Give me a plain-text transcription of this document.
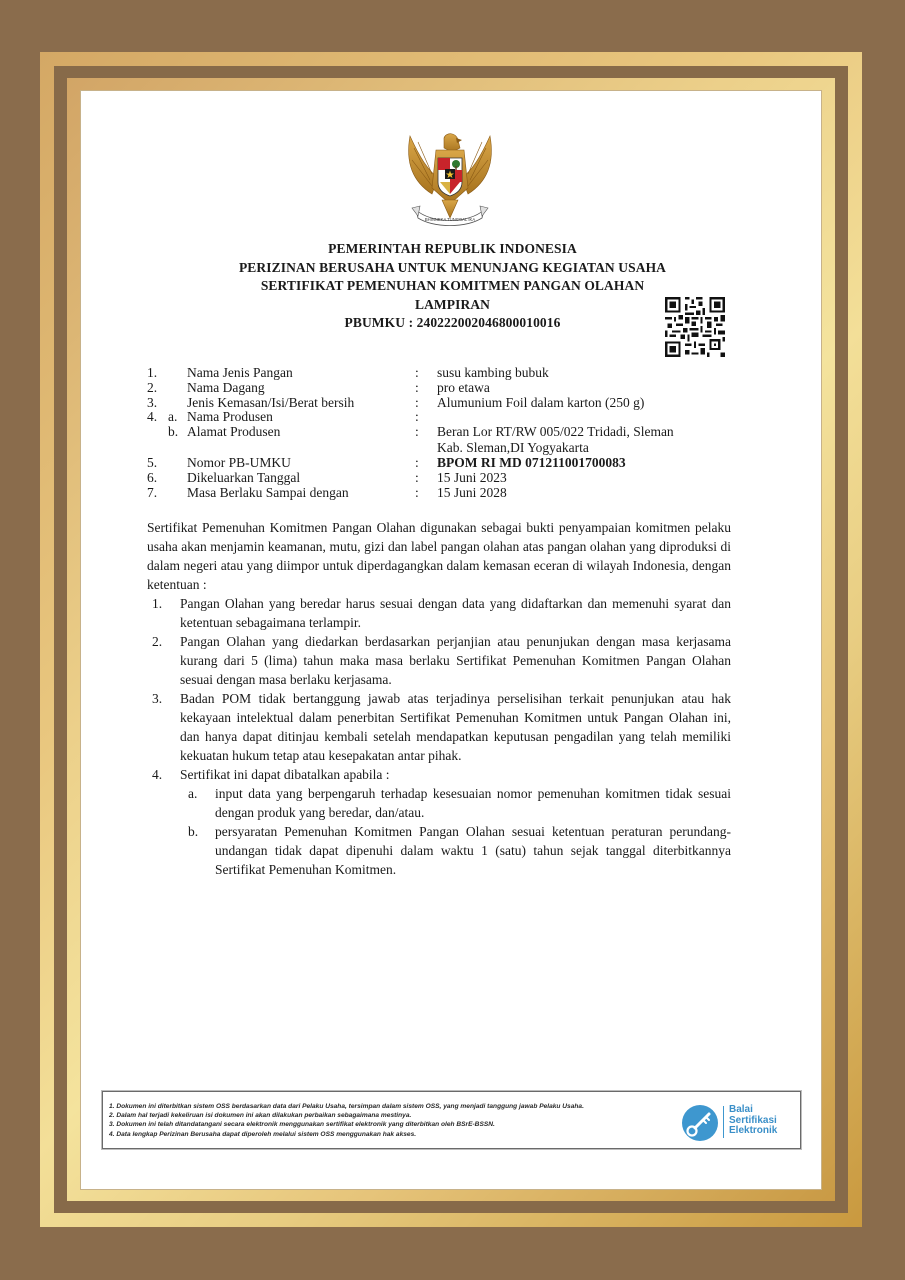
BHINNEKA TUNGGAL IKA
PEMERINTAH REPUBLIK INDONESIA
PERIZINAN BERUSAHA UNTUK MENUNJANG KEGIATAN USAHA
SERTIFIKAT PEMENUHAN KOMITMEN PANGAN OLAHAN
LAMPIRAN
PBUMKU : 240222002046800010016
1. Nama Jenis Pangan	: susu kambing bubuk
2. Nama Dagang	: pro etawa
3. Jenis Kemasan/Isi/Berat bersih	: Alumunium Foil dalam karton (250 g)
4. a. Nama Produsen	:
b. Alamat Produsen	: Beran Lor RT/RW 005/022 Tridadi, Sleman
Kab. Sleman,DI Yogyakarta
5. Nomor PB-UMKU	: BPOM RI MD 071211001700083
6. Dikeluarkan Tanggal	: 15 Juni 2023
7. Masa Berlaku Sampai dengan	: 15 Juni 2028

Sertifikat Pemenuhan Komitmen Pangan Olahan digunakan sebagai bukti penyampaian komitmen pelaku usaha akan menjamin keamanan, mutu, gizi dan label pangan olahan atas pangan olahan yang diproduksi di dalam negeri atau yang diimpor untuk diperdagangkan dalam kemasan eceran di wilayah Indonesia, dengan ketentuan :

1. Pangan Olahan yang beredar harus sesuai dengan data yang didaftarkan dan memenuhi syarat dan ketentuan sebagaimana terlampir.
2. Pangan Olahan yang diedarkan berdasarkan perjanjian atau penunjukan dengan masa kerjasama kurang dari 5 (lima) tahun maka masa berlaku Sertifikat Pemenuhan Komitmen Pangan Olahan sesuai dengan masa berlaku kerjasama.
3. Badan POM tidak bertanggung jawab atas terjadinya perselisihan terkait penunjukan atau hak kekayaan intelektual dalam penerbitan Sertifikat Pemenuhan Komitmen untuk Pangan Olahan ini, dan hanya dapat ditinjau kembali setelah mendapatkan keputusan pengadilan yang telah memiliki kekuatan hukum tetap atau kesepakatan antar pihak.
4. Sertifikat ini dapat dibatalkan apabila :
a. input data yang berpengaruh terhadap kesesuaian nomor pemenuhan komitmen tidak sesuai dengan produk yang beredar, dan/atau.
b. persyaratan Pemenuhan Komitmen Pangan Olahan sesuai ketentuan peraturan perundang-undangan tidak dapat dipenuhi dalam waktu 1 (satu) tahun sejak tanggal diterbitkannya Sertifikat Pemenuhan Komitmen.
1. Dokumen ini diterbitkan sistem OSS berdasarkan data dari Pelaku Usaha, tersimpan dalam sistem OSS, yang menjadi tanggung jawab Pelaku Usaha.
2. Dalam hal terjadi kekeliruan isi dokumen ini akan dilakukan perbaikan sebagaimana mestinya.
3. Dokumen ini telah ditandatangani secara elektronik menggunakan sertifikat elektronik yang diterbitkan oleh BSrE-BSSN.
4. Data lengkap Perizinan Berusaha dapat diperoleh melalui sistem OSS menggunakan hak akses.
Balai
Sertifikasi
Elektronik
